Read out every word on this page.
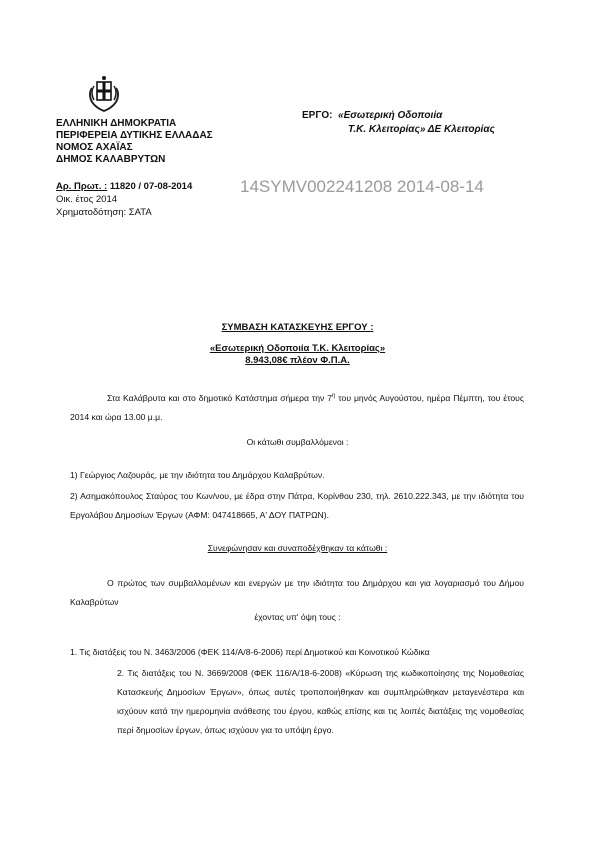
ΕΛΛΗΝΙΚΗ ΔΗΜΟΚΡΑΤΙΑ
ΠΕΡΙΦΕΡΕΙΑ ΔΥΤΙΚΗΣ ΕΛΛΑΔΑΣ
ΝΟΜΟΣ ΑΧΑΪΑΣ
ΔΗΜΟΣ ΚΑΛΑΒΡΥΤΩΝ
ΕΡΓΟ: «Εσωτερική Οδοποιία
Τ.Κ. Κλειτορίας» ΔΕ Κλειτορίας
Αρ. Πρωτ. : 11820 / 07-08-2014
Οικ. έτος 2014
Χρηματοδότηση: ΣΑΤΑ
14SYMV002241208 2014-08-14
ΣΥΜΒΑΣΗ ΚΑΤΑΣΚΕΥΗΣ ΕΡΓΟΥ :
«Εσωτερική Οδοποιία Τ.Κ. Κλειτορίας»
8.943,08€ πλέον Φ.Π.Α.
Στα Καλάβρυτα και στο δημοτικό Κατάστημα σήμερα την $7^\eta$ του μηνός Αυγούστου, ημέρα Πέμπτη, του έτους 2014 και ώρα 13.00 μ.μ.
Οι κάτωθι συμβαλλόμενοι :
1) Γεώργιος Λαζουράς, με την ιδιότητα του Δημάρχου Καλαβρύτων.
2) Ασημακόπουλος Σταύρος του Κων/νου, με έδρα στην Πάτρα, Κορίνθου 230, τηλ. 2610.222.343, με την ιδιότητα του Εργολάβου Δημοσίων Έργων (ΑΦΜ: 047418665, Α' ΔΟΥ ΠΑΤΡΩΝ).
Συνεφώνησαν και συναποδέχθηκαν τα κάτωθι :
Ο πρώτος των συμβαλλομένων και ενεργών με την ιδιότητα του Δημάρχου και για λογαριασμό του Δήμου Καλαβρύτων
έχοντας υπ' όψη τους :
1. Τις διατάξεις του Ν. 3463/2006 (ΦΕΚ 114/Α/8-6-2006) περί Δημοτικού και Κοινοτικού Κώδικα
2. Τις διατάξεις του Ν. 3669/2008 (ΦΕΚ 116/Α/18-6-2008) «Κύρωση της κωδικοποίησης της Νομοθεσίας Κατασκευής Δημοσίων Έργων», όπως αυτές τροποποιήθηκαν και συμπληρώθηκαν μεταγενέστερα και ισχύουν κατά την ημερομηνία ανάθεσης του έργου, καθώς επίσης και τις λοιπές διατάξεις της νομοθεσίας περί δημοσίων έργων, όπως ισχύουν για το υπόψη έργο.
